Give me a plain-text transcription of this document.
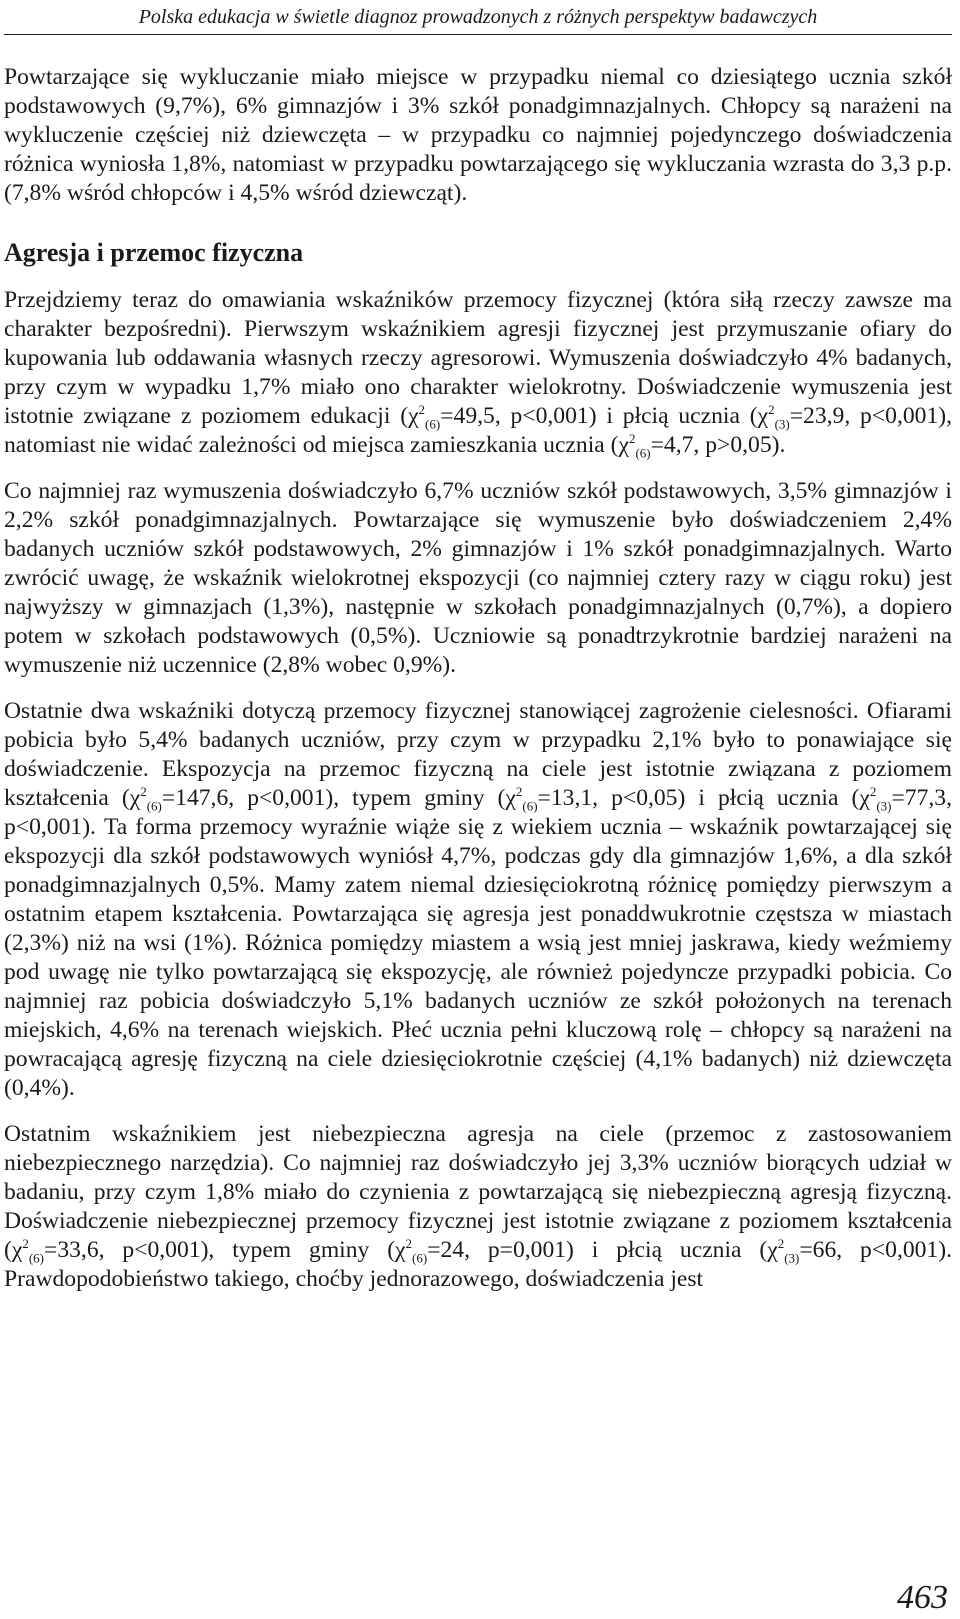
Polska edukacja w świetle diagnoz prowadzonych z różnych perspektyw badawczych

Powtarzające się wykluczanie miało miejsce w przypadku niemal co dziesiątego ucznia szkół podstawowych (9,7%), 6% gimnazjów i 3% szkół ponadgimnazjalnych. Chłopcy są narażeni na wykluczenie częściej niż dziewczęta – w przypadku co najmniej pojedynczego doświadczenia różnica wyniosła 1,8%, natomiast w przypadku powtarzającego się wykluczania wzrasta do 3,3 p.p. (7,8% wśród chłopców i 4,5% wśród dziewcząt).

Agresja i przemoc fizyczna

Przejdziemy teraz do omawiania wskaźników przemocy fizycznej (która siłą rzeczy zawsze ma charakter bezpośredni). Pierwszym wskaźnikiem agresji fizycznej jest przymuszanie ofiary do kupowania lub oddawania własnych rzeczy agresorowi. Wymuszenia doświadczyło 4% badanych, przy czym w wypadku 1,7% miało ono charakter wielokrotny. Doświadczenie wymuszenia jest istotnie związane z poziomem edukacji ($\chi^2_{(6)}=49,5$, p<0,001) i płcią ucznia ($\chi^2_{(3)}=23,9$, p<0,001), natomiast nie widać zależności od miejsca zamieszkania ucznia ($\chi^2_{(6)}=4,7$, p>0,05).

Co najmniej raz wymuszenia doświadczyło 6,7% uczniów szkół podstawowych, 3,5% gimnazjów i 2,2% szkół ponadgimnazjalnych. Powtarzające się wymuszenie było doświadczeniem 2,4% badanych uczniów szkół podstawowych, 2% gimnazjów i 1% szkół ponadgimnazjalnych. Warto zwrócić uwagę, że wskaźnik wielokrotnej ekspozycji (co najmniej cztery razy w ciągu roku) jest najwyższy w gimnazjach (1,3%), następnie w szkołach ponadgimnazjalnych (0,7%), a dopiero potem w szkołach podstawowych (0,5%). Uczniowie są ponadtrzykrotnie bardziej narażeni na wymuszenie niż uczennice (2,8% wobec 0,9%).

Ostatnie dwa wskaźniki dotyczą przemocy fizycznej stanowiącej zagrożenie cielesności. Ofiarami pobicia było 5,4% badanych uczniów, przy czym w przypadku 2,1% było to ponawiające się doświadczenie. Ekspozycja na przemoc fizyczną na ciele jest istotnie związana z poziomem kształcenia ($\chi^2_{(6)}=147,6$, p<0,001), typem gminy ($\chi^2_{(6)}=13,1$, p<0,05) i płcią ucznia ($\chi^2_{(3)}=77,3$, p<0,001). Ta forma przemocy wyraźnie wiąże się z wiekiem ucznia – wskaźnik powtarzającej się ekspozycji dla szkół podstawowych wyniósł 4,7%, podczas gdy dla gimnazjów 1,6%, a dla szkół ponadgimnazjalnych 0,5%. Mamy zatem niemal dziesięciokrotną różnicę pomiędzy pierwszym a ostatnim etapem kształcenia. Powtarzająca się agresja jest ponaddwukrotnie częstsza w miastach (2,3%) niż na wsi (1%). Różnica pomiędzy miastem a wsią jest mniej jaskrawa, kiedy weźmiemy pod uwagę nie tylko powtarzającą się ekspozycję, ale również pojedyncze przypadki pobicia. Co najmniej raz pobicia doświadczyło 5,1% badanych uczniów ze szkół położonych na terenach miejskich, 4,6% na terenach wiejskich. Płeć ucznia pełni kluczową rolę – chłopcy są narażeni na powracającą agresję fizyczną na ciele dziesięciokrotnie częściej (4,1% badanych) niż dziewczęta (0,4%).

Ostatnim wskaźnikiem jest niebezpieczna agresja na ciele (przemoc z zastosowaniem niebezpiecznego narzędzia). Co najmniej raz doświadczyło jej 3,3% uczniów biorących udział w badaniu, przy czym 1,8% miało do czynienia z powtarzającą się niebezpieczną agresją fizyczną. Doświadczenie niebezpiecznej przemocy fizycznej jest istotnie związane z poziomem kształcenia ($\chi^2_{(6)}=33,6$, p<0,001), typem gminy ($\chi^2_{(6)}=24$, p=0,001) i płcią ucznia ($\chi^2_{(3)}=66$, p<0,001). Prawdopodobieństwo takiego, choćby jednorazowego, doświadczenia jest

463
